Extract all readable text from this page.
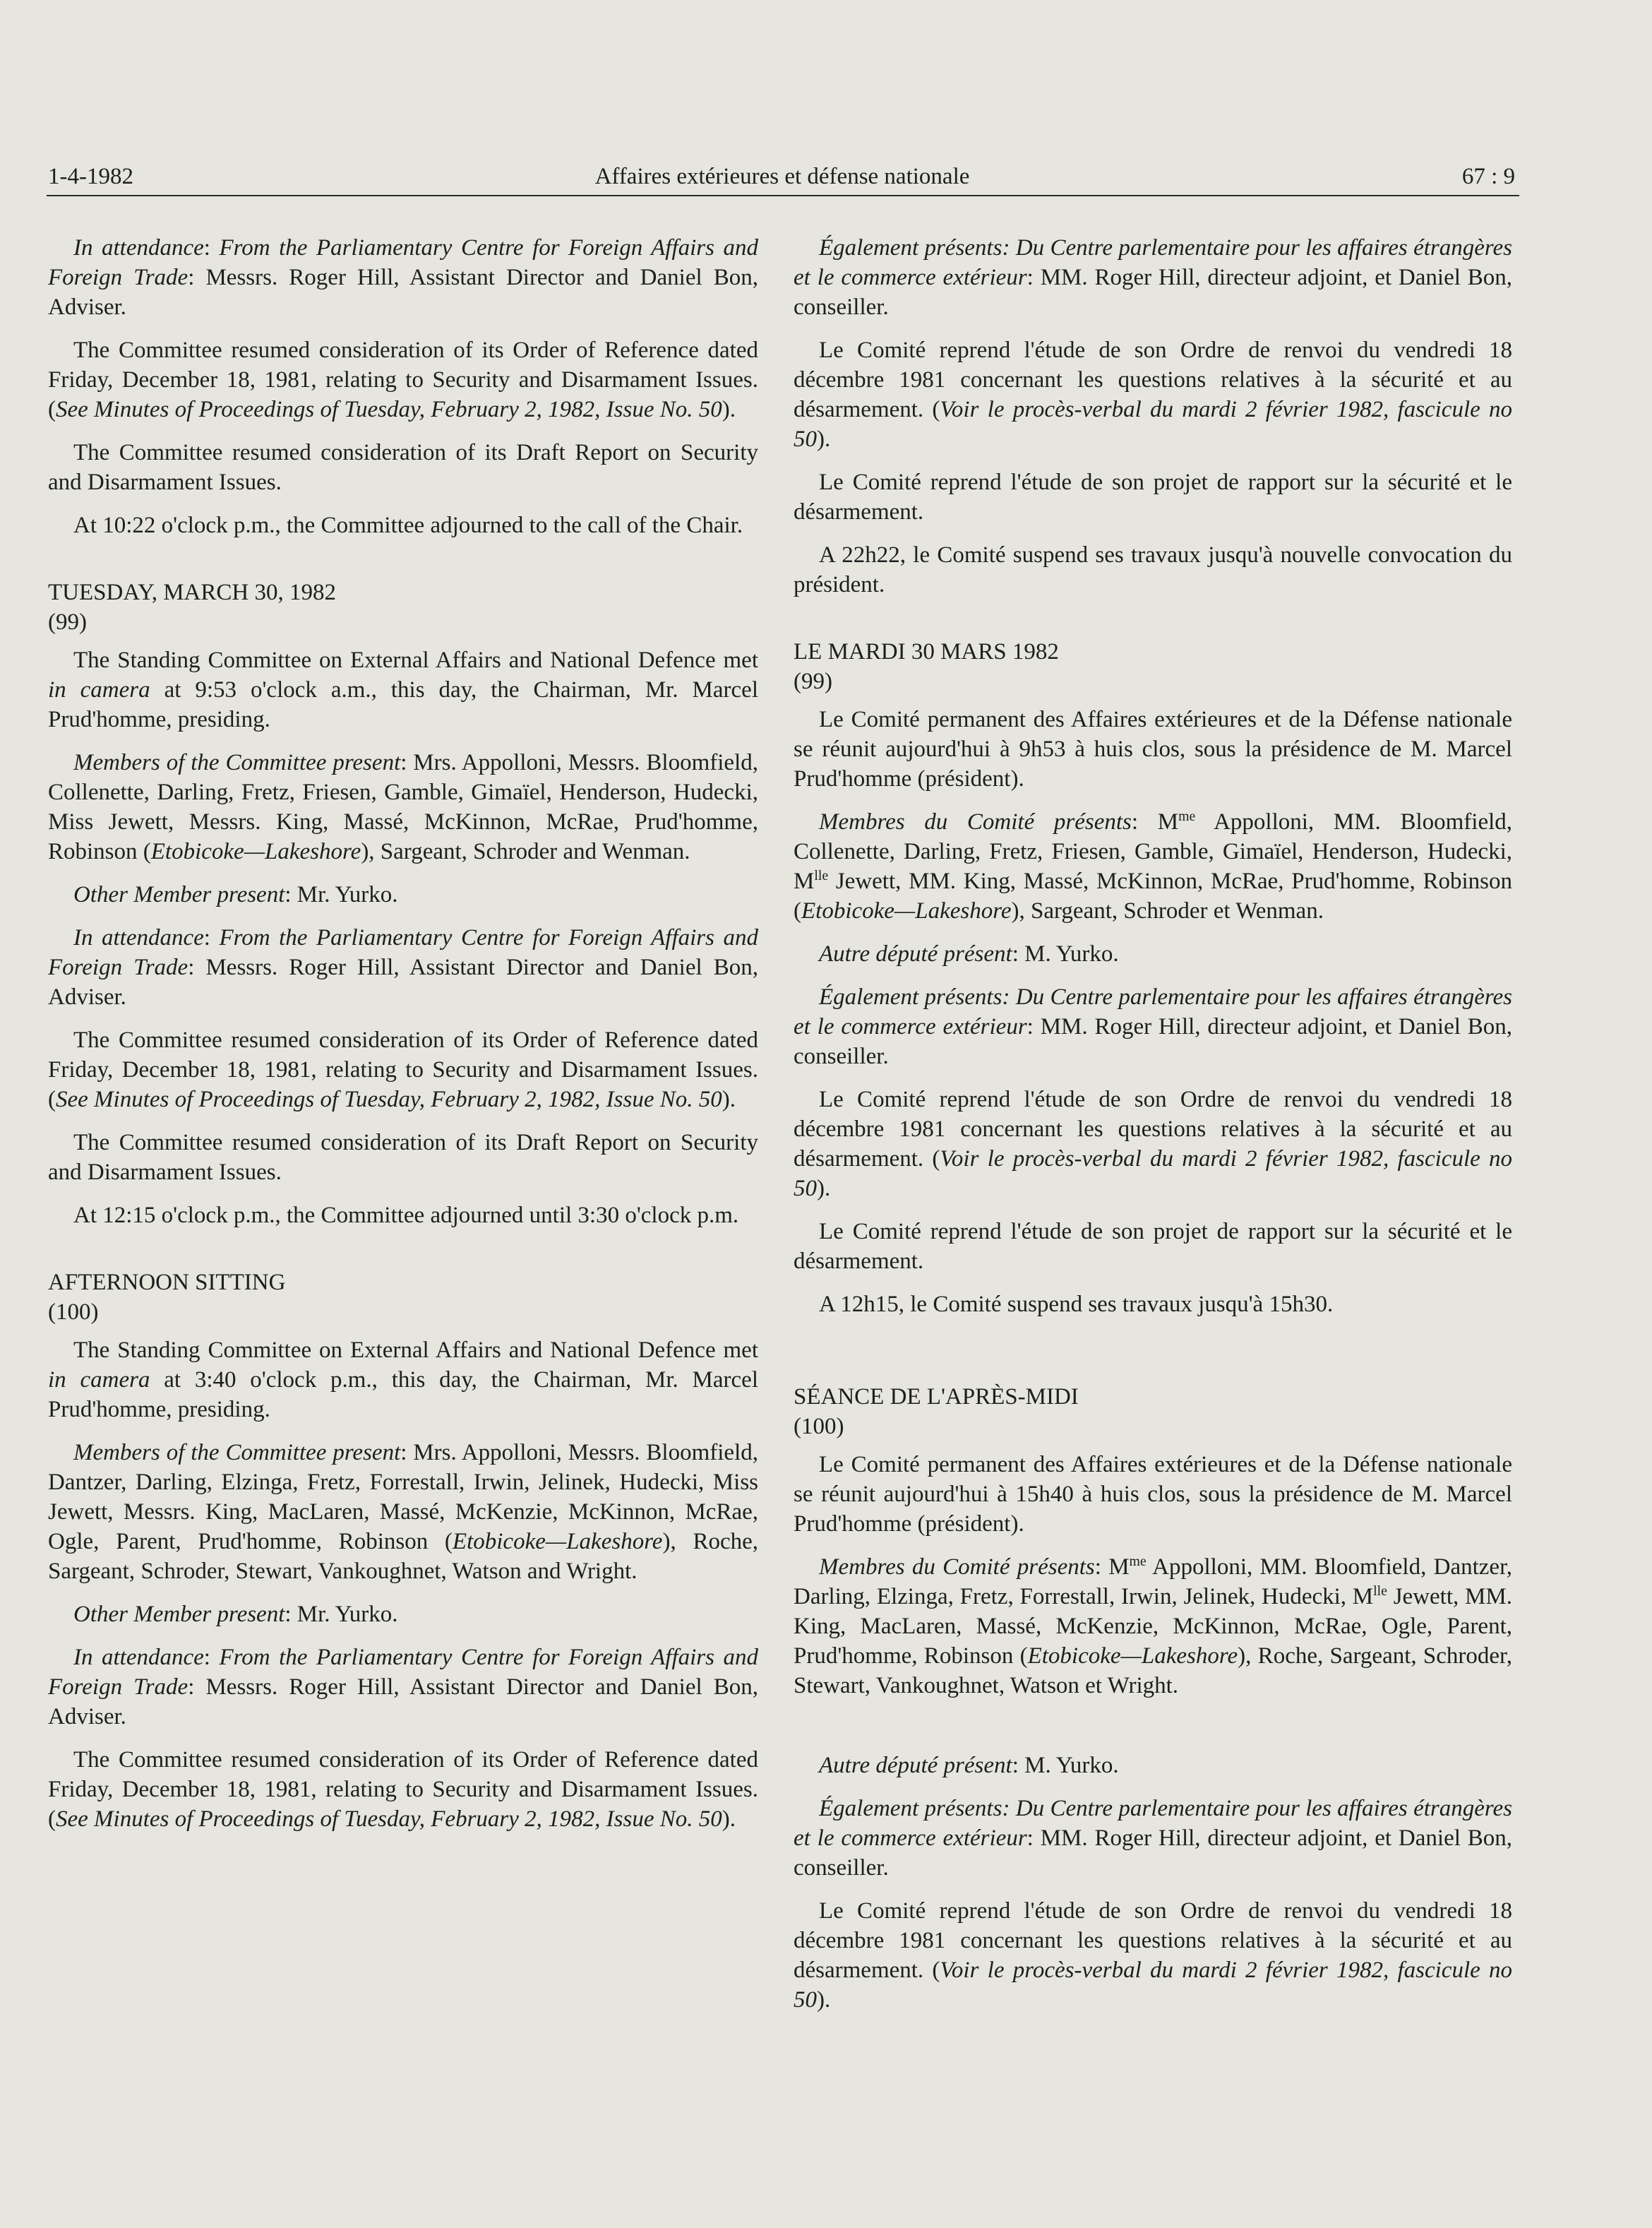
1-4-1982	Affaires extérieures et défense nationale	67 : 9

In attendance: From the Parliamentary Centre for Foreign Affairs and Foreign Trade: Messrs. Roger Hill, Assistant Director and Daniel Bon, Adviser.

The Committee resumed consideration of its Order of Reference dated Friday, December 18, 1981, relating to Security and Disarmament Issues. (See Minutes of Proceedings of Tuesday, February 2, 1982, Issue No. 50).

The Committee resumed consideration of its Draft Report on Security and Disarmament Issues.

At 10:22 o'clock p.m., the Committee adjourned to the call of the Chair.

TUESDAY, MARCH 30, 1982
(99)

The Standing Committee on External Affairs and National Defence met in camera at 9:53 o'clock a.m., this day, the Chairman, Mr. Marcel Prud'homme, presiding.

Members of the Committee present: Mrs. Appolloni, Messrs. Bloomfield, Collenette, Darling, Fretz, Friesen, Gamble, Gimaïel, Henderson, Hudecki, Miss Jewett, Messrs. King, Massé, McKinnon, McRae, Prud'homme, Robinson (Etobicoke—Lakeshore), Sargeant, Schroder and Wenman.

Other Member present: Mr. Yurko.

In attendance: From the Parliamentary Centre for Foreign Affairs and Foreign Trade: Messrs. Roger Hill, Assistant Director and Daniel Bon, Adviser.

The Committee resumed consideration of its Order of Reference dated Friday, December 18, 1981, relating to Security and Disarmament Issues. (See Minutes of Proceedings of Tuesday, February 2, 1982, Issue No. 50).

The Committee resumed consideration of its Draft Report on Security and Disarmament Issues.

At 12:15 o'clock p.m., the Committee adjourned until 3:30 o'clock p.m.

AFTERNOON SITTING
(100)

The Standing Committee on External Affairs and National Defence met in camera at 3:40 o'clock p.m., this day, the Chairman, Mr. Marcel Prud'homme, presiding.

Members of the Committee present: Mrs. Appolloni, Messrs. Bloomfield, Dantzer, Darling, Elzinga, Fretz, Forrestall, Irwin, Jelinek, Hudecki, Miss Jewett, Messrs. King, MacLaren, Massé, McKenzie, McKinnon, McRae, Ogle, Parent, Prud'homme, Robinson (Etobicoke—Lakeshore), Roche, Sargeant, Schroder, Stewart, Vankoughnet, Watson and Wright.

Other Member present: Mr. Yurko.

In attendance: From the Parliamentary Centre for Foreign Affairs and Foreign Trade: Messrs. Roger Hill, Assistant Director and Daniel Bon, Adviser.

The Committee resumed consideration of its Order of Reference dated Friday, December 18, 1981, relating to Security and Disarmament Issues. (See Minutes of Proceedings of Tuesday, February 2, 1982, Issue No. 50).

Également présents: Du Centre parlementaire pour les affaires étrangères et le commerce extérieur: MM. Roger Hill, directeur adjoint, et Daniel Bon, conseiller.

Le Comité reprend l'étude de son Ordre de renvoi du vendredi 18 décembre 1981 concernant les questions relatives à la sécurité et au désarmement. (Voir le procès-verbal du mardi 2 février 1982, fascicule no 50).

Le Comité reprend l'étude de son projet de rapport sur la sécurité et le désarmement.

A 22h22, le Comité suspend ses travaux jusqu'à nouvelle convocation du président.

LE MARDI 30 MARS 1982
(99)

Le Comité permanent des Affaires extérieures et de la Défense nationale se réunit aujourd'hui à 9h53 à huis clos, sous la présidence de M. Marcel Prud'homme (président).

Membres du Comité présents: $M^{me}$ Appolloni, MM. Bloomfield, Collenette, Darling, Fretz, Friesen, Gamble, Gimaïel, Henderson, Hudecki, $M^{lle}$ Jewett, MM. King, Massé, McKinnon, McRae, Prud'homme, Robinson (Etobicoke—Lakeshore), Sargeant, Schroder et Wenman.

Autre député présent: M. Yurko.

Également présents: Du Centre parlementaire pour les affaires étrangères et le commerce extérieur: MM. Roger Hill, directeur adjoint, et Daniel Bon, conseiller.

Le Comité reprend l'étude de son Ordre de renvoi du vendredi 18 décembre 1981 concernant les questions relatives à la sécurité et au désarmement. (Voir le procès-verbal du mardi 2 février 1982, fascicule no 50).

Le Comité reprend l'étude de son projet de rapport sur la sécurité et le désarmement.

A 12h15, le Comité suspend ses travaux jusqu'à 15h30.

SÉANCE DE L'APRÈS-MIDI
(100)

Le Comité permanent des Affaires extérieures et de la Défense nationale se réunit aujourd'hui à 15h40 à huis clos, sous la présidence de M. Marcel Prud'homme (président).

Membres du Comité présents: $M^{me}$ Appolloni, MM. Bloomfield, Dantzer, Darling, Elzinga, Fretz, Forrestall, Irwin, Jelinek, Hudecki, $M^{lle}$ Jewett, MM. King, MacLaren, Massé, McKenzie, McKinnon, McRae, Ogle, Parent, Prud'homme, Robinson (Etobicoke—Lakeshore), Roche, Sargeant, Schroder, Stewart, Vankoughnet, Watson et Wright.

Autre député présent: M. Yurko.

Également présents: Du Centre parlementaire pour les affaires étrangères et le commerce extérieur: MM. Roger Hill, directeur adjoint, et Daniel Bon, conseiller.

Le Comité reprend l'étude de son Ordre de renvoi du vendredi 18 décembre 1981 concernant les questions relatives à la sécurité et au désarmement. (Voir le procès-verbal du mardi 2 février 1982, fascicule no 50).
